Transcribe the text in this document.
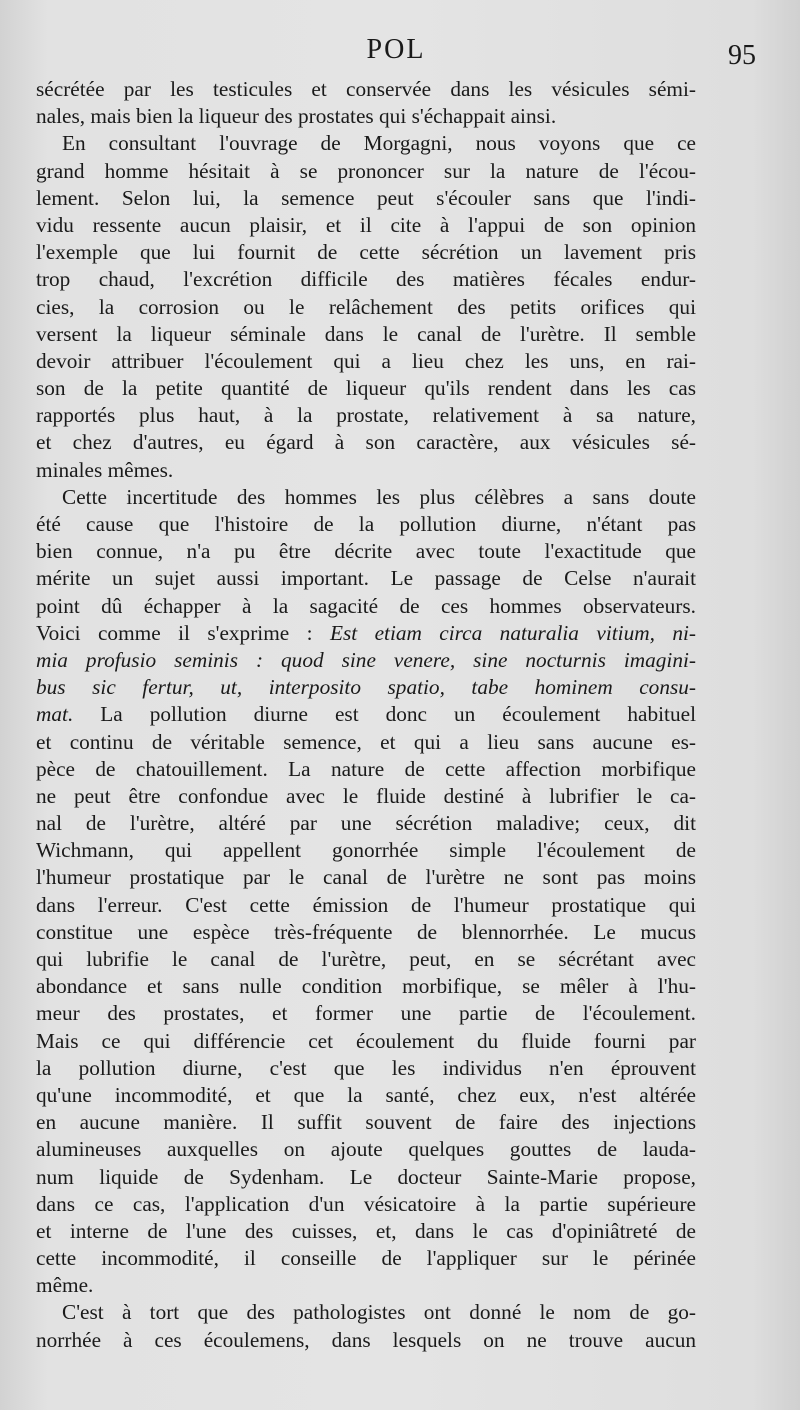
POL	95
sécrétée par les testicules et conservée dans les vésicules sémi-
nales, mais bien la liqueur des prostates qui s'échappait ainsi.
En consultant l'ouvrage de Morgagni, nous voyons que ce
grand homme hésitait à se prononcer sur la nature de l'écou-
lement. Selon lui, la semence peut s'écouler sans que l'indi-
vidu ressente aucun plaisir, et il cite à l'appui de son opinion
l'exemple que lui fournit de cette sécrétion un lavement pris
trop chaud, l'excrétion difficile des matières fécales endur-
cies, la corrosion ou le relâchement des petits orifices qui
versent la liqueur séminale dans le canal de l'urètre. Il semble
devoir attribuer l'écoulement qui a lieu chez les uns, en rai-
son de la petite quantité de liqueur qu'ils rendent dans les cas
rapportés plus haut, à la prostate, relativement à sa nature,
et chez d'autres, eu égard à son caractère, aux vésicules sé-
minales mêmes.
Cette incertitude des hommes les plus célèbres a sans doute
été cause que l'histoire de la pollution diurne, n'étant pas
bien connue, n'a pu être décrite avec toute l'exactitude que
mérite un sujet aussi important. Le passage de Celse n'aurait
point dû échapper à la sagacité de ces hommes observateurs.
Voici comme il s'exprime : Est etiam circa naturalia vitium, ni-
mia profusio seminis : quod sine venere, sine nocturnis imagini-
bus sic fertur, ut, interposito spatio, tabe hominem consu-
mat. La pollution diurne est donc un écoulement habituel
et continu de véritable semence, et qui a lieu sans aucune es-
pèce de chatouillement. La nature de cette affection morbifique
ne peut être confondue avec le fluide destiné à lubrifier le ca-
nal de l'urètre, altéré par une sécrétion maladive; ceux, dit
Wichmann, qui appellent gonorrhée simple l'écoulement de
l'humeur prostatique par le canal de l'urètre ne sont pas moins
dans l'erreur. C'est cette émission de l'humeur prostatique qui
constitue une espèce très-fréquente de blennorrhée. Le mucus
qui lubrifie le canal de l'urètre, peut, en se sécrétant avec
abondance et sans nulle condition morbifique, se mêler à l'hu-
meur des prostates, et former une partie de l'écoulement.
Mais ce qui différencie cet écoulement du fluide fourni par
la pollution diurne, c'est que les individus n'en éprouvent
qu'une incommodité, et que la santé, chez eux, n'est altérée
en aucune manière. Il suffit souvent de faire des injections
alumineuses auxquelles on ajoute quelques gouttes de lauda-
num liquide de Sydenham. Le docteur Sainte-Marie propose,
dans ce cas, l'application d'un vésicatoire à la partie supérieure
et interne de l'une des cuisses, et, dans le cas d'opiniâtreté de
cette incommodité, il conseille de l'appliquer sur le périnée
même.
C'est à tort que des pathologistes ont donné le nom de go-
norrhée à ces écoulemens, dans lesquels on ne trouve aucun
